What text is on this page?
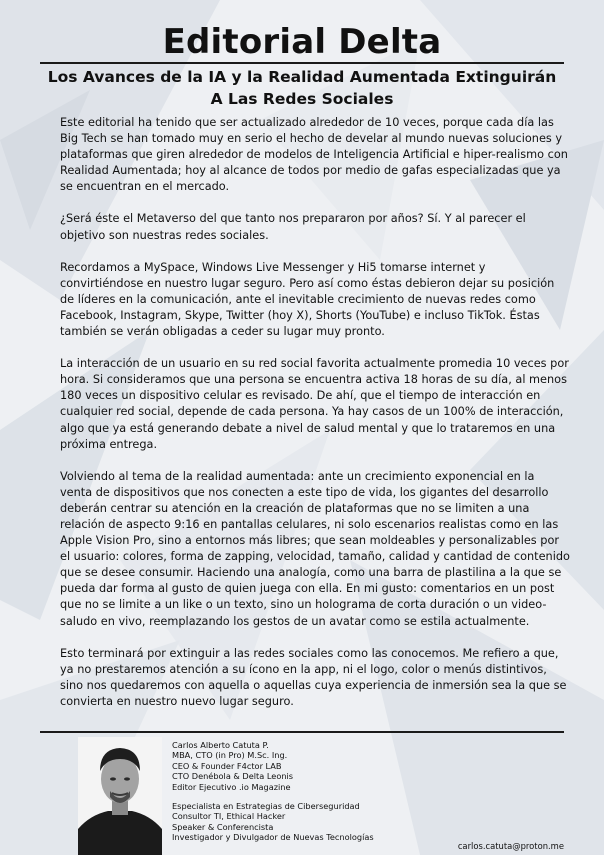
Editorial Delta
Los Avances de la IA y la Realidad Aumentada Extinguirán
A Las Redes Sociales

Este editorial ha tenido que ser actualizado alrededor de 10 veces, porque cada día las Big Tech se han tomado muy en serio el hecho de develar al mundo nuevas soluciones y plataformas que giren alrededor de modelos de Inteligencia Artificial e hiper-realismo con Realidad Aumentada; hoy al alcance de todos por medio de gafas especializadas que ya se encuentran en el mercado.

¿Será éste el Metaverso del que tanto nos prepararon por años? Sí. Y al parecer el objetivo son nuestras redes sociales.

Recordamos a MySpace, Windows Live Messenger y Hi5 tomarse internet y convirtiéndose en nuestro lugar seguro. Pero así como éstas debieron dejar su posición de líderes en la comunicación, ante el inevitable crecimiento de nuevas redes como Facebook, Instagram, Skype, Twitter (hoy X), Shorts (YouTube) e incluso TikTok. Éstas también se verán obligadas a ceder su lugar muy pronto.

La interacción de un usuario en su red social favorita actualmente promedia 10 veces por hora. Si consideramos que una persona se encuentra activa 18 horas de su día, al menos 180 veces un dispositivo celular es revisado. De ahí, que el tiempo de interacción en cualquier red social, depende de cada persona. Ya hay casos de un 100% de interacción, algo que ya está generando debate a nivel de salud mental y que lo trataremos en una próxima entrega.

Volviendo al tema de la realidad aumentada: ante un crecimiento exponencial en la venta de dispositivos que nos conecten a este tipo de vida, los gigantes del desarrollo deberán centrar su atención en la creación de plataformas que no se limiten a una relación de aspecto 9:16 en pantallas celulares, ni solo escenarios realistas como en las Apple Vision Pro, sino a entornos más libres; que sean moldeables y personalizables por el usuario: colores, forma de zapping, velocidad, tamaño, calidad y cantidad de contenido que se desee consumir. Haciendo una analogía, como una barra de plastilina a la que se pueda dar forma al gusto de quien juega con ella. En mi gusto: comentarios en un post que no se limite a un like o un texto, sino un holograma de corta duración o un video-saludo en vivo, reemplazando los gestos de un avatar como se estila actualmente.

Esto terminará por extinguir a las redes sociales como las conocemos. Me refiero a que, ya no prestaremos atención a su ícono en la app, ni el logo, color o menús distintivos, sino nos quedaremos con aquella o aquellas cuya experiencia de inmersión sea la que se convierta en nuestro nuevo lugar seguro.

Carlos Alberto Catuta P.
MBA, CTO (in Pro) M.Sc. Ing.
CEO & Founder F4ctor LAB
CTO Denébola & Delta Leonis
Editor Ejecutivo .io Magazine
Especialista en Estrategias de Ciberseguridad
Consultor TI, Ethical Hacker
Speaker & Conferencista
Investigador y Divulgador de Nuevas Tecnologías
carlos.catuta@proton.me
